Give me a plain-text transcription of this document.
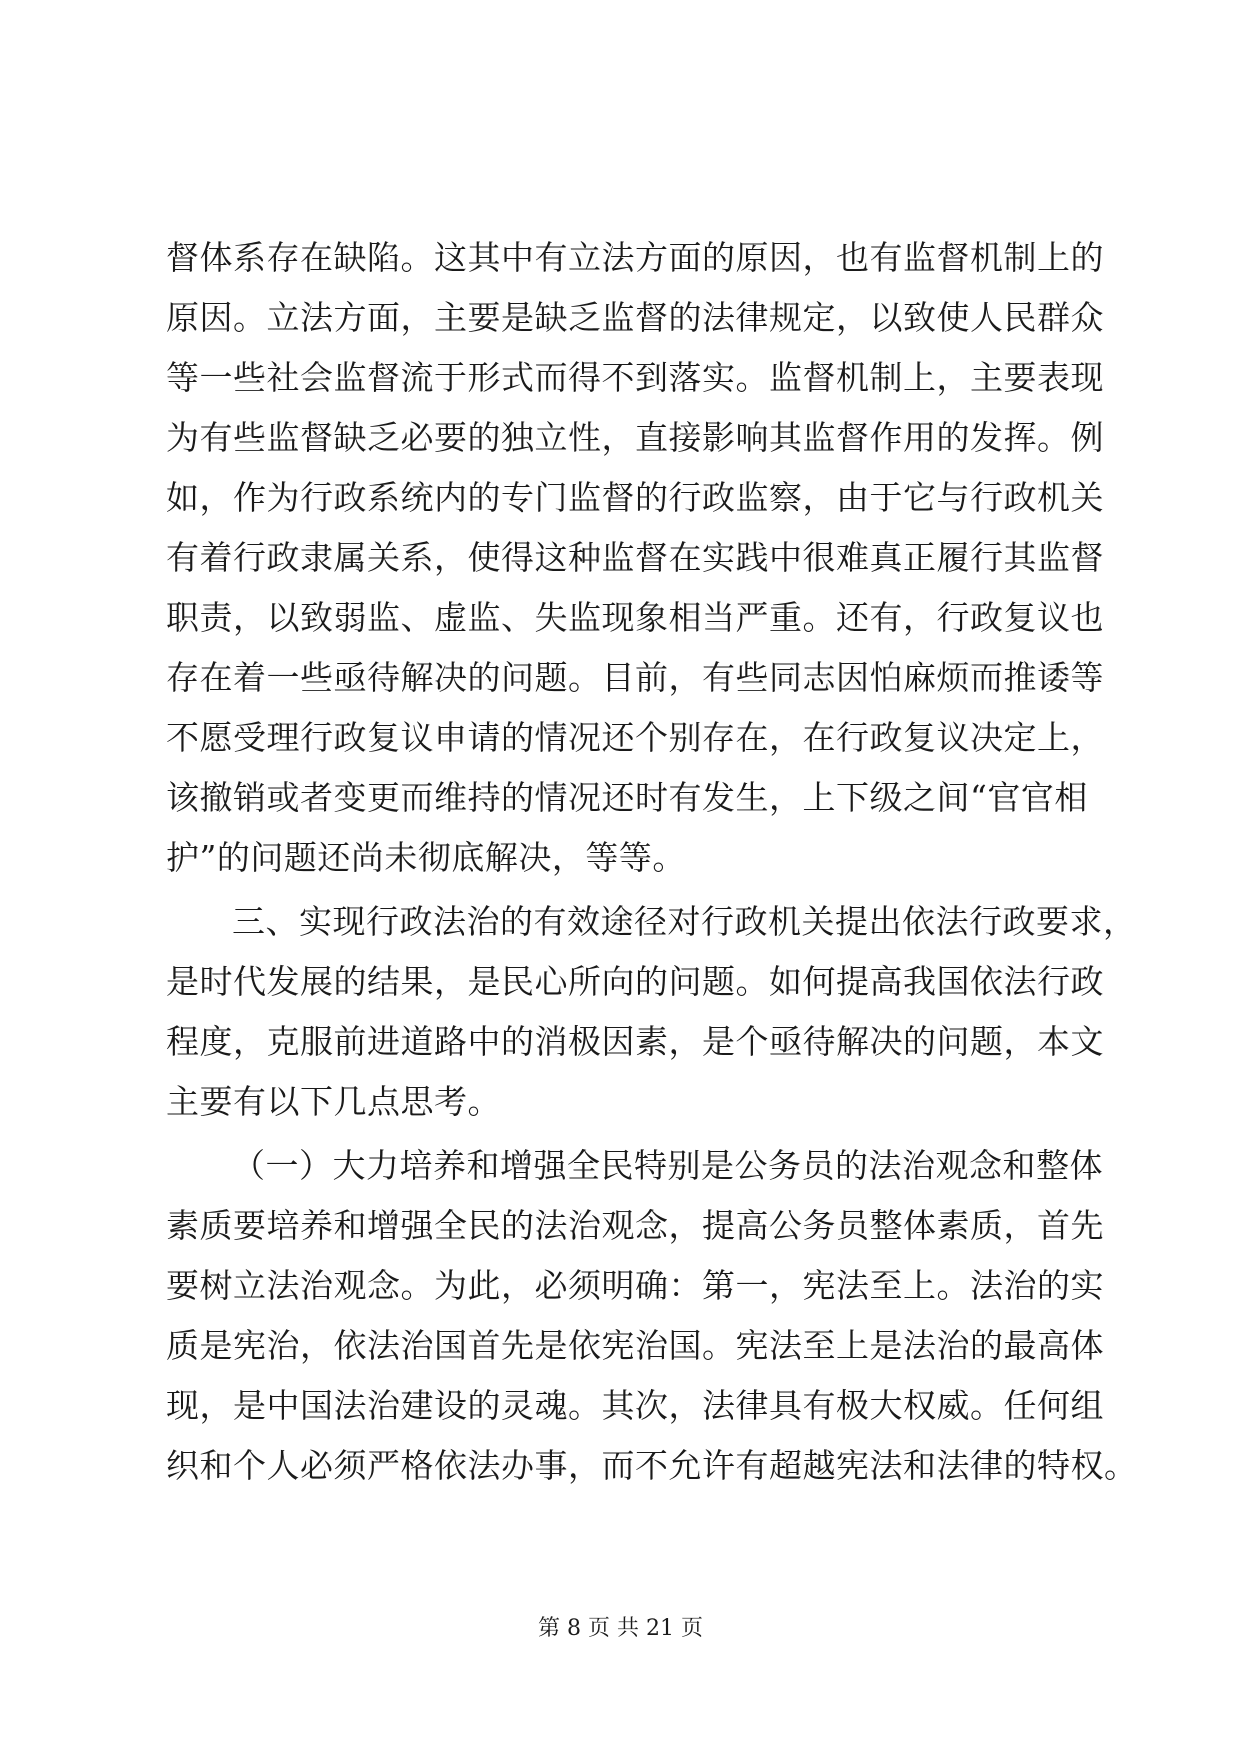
督体系存在缺陷。这其中有立法方面的原因，也有监督机制上的
原因。立法方面，主要是缺乏监督的法律规定，以致使人民群众
等一些社会监督流于形式而得不到落实。监督机制上，主要表现
为有些监督缺乏必要的独立性，直接影响其监督作用的发挥。例
如，作为行政系统内的专门监督的行政监察，由于它与行政机关
有着行政隶属关系，使得这种监督在实践中很难真正履行其监督
职责，以致弱监、虚监、失监现象相当严重。还有，行政复议也
存在着一些亟待解决的问题。目前，有些同志因怕麻烦而推诿等
不愿受理行政复议申请的情况还个别存在，在行政复议决定上，
该撤销或者变更而维持的情况还时有发生，上下级之间“官官相
护”的问题还尚未彻底解决，等等。
三、实现行政法治的有效途径对行政机关提出依法行政要求，
是时代发展的结果，是民心所向的问题。如何提高我国依法行政
程度，克服前进道路中的消极因素，是个亟待解决的问题，本文
主要有以下几点思考。
（一）大力培养和增强全民特别是公务员的法治观念和整体
素质要培养和增强全民的法治观念，提高公务员整体素质，首先
要树立法治观念。为此，必须明确：第一，宪法至上。法治的实
质是宪治，依法治国首先是依宪治国。宪法至上是法治的最高体
现，是中国法治建设的灵魂。其次，法律具有极大权威。任何组
织和个人必须严格依法办事，而不允许有超越宪法和法律的特权。
第 8 页 共 21 页
